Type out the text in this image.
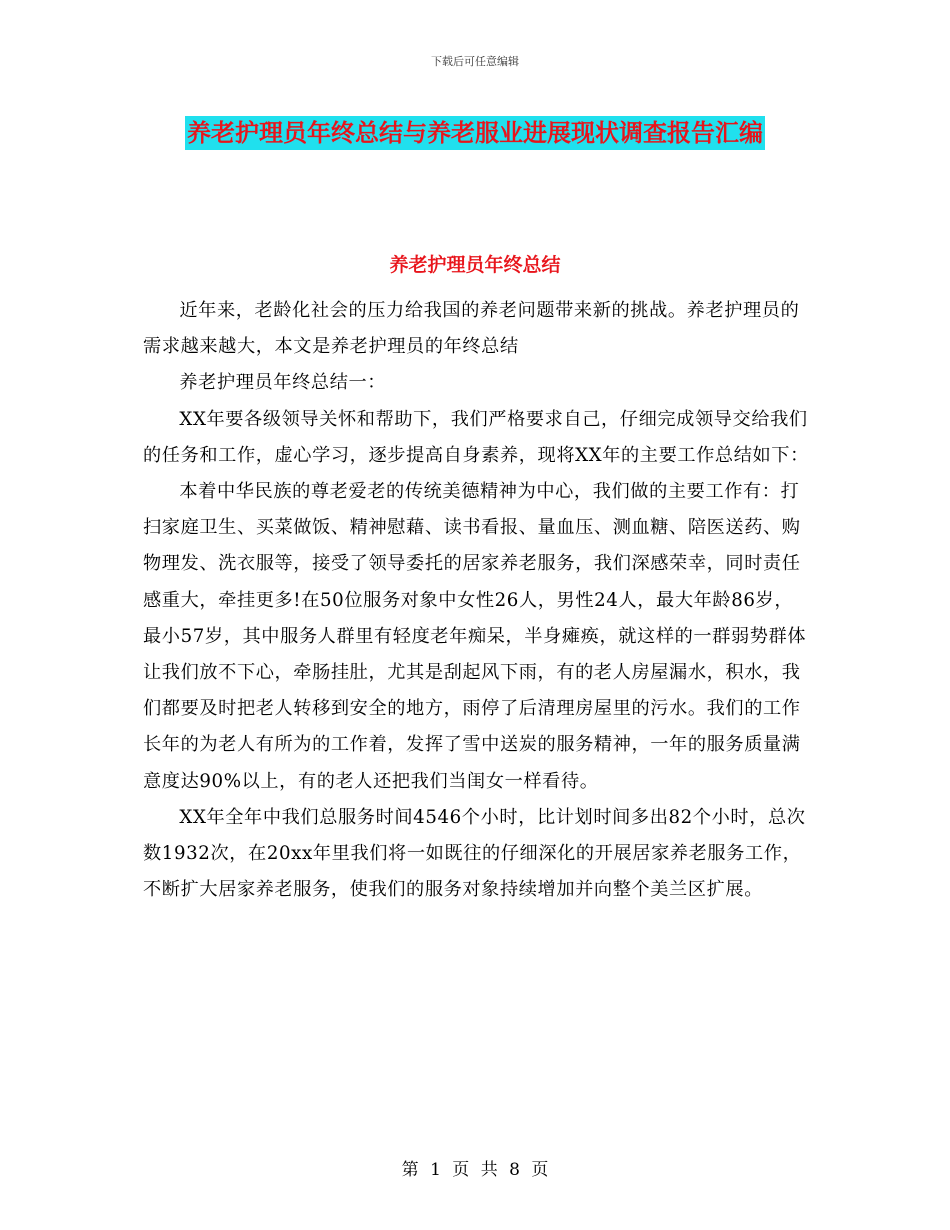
下载后可任意编辑
养老护理员年终总结与养老服业进展现状调查报告汇编
养老护理员年终总结

近年来，老龄化社会的压力给我国的养老问题带来新的挑战。养老护理员的需求越来越大，本文是养老护理员的年终总结

养老护理员年终总结一：

XX年要各级领导关怀和帮助下，我们严格要求自己，仔细完成领导交给我们的任务和工作，虚心学习，逐步提高自身素养，现将XX年的主要工作总结如下：

本着中华民族的尊老爱老的传统美德精神为中心，我们做的主要工作有：打扫家庭卫生、买菜做饭、精神慰藉、读书看报、量血压、测血糖、陪医送药、购物理发、洗衣服等，接受了领导委托的居家养老服务，我们深感荣幸，同时责任感重大，牵挂更多!在50位服务对象中女性26人，男性24人，最大年龄86岁，最小57岁，其中服务人群里有轻度老年痴呆，半身瘫痪，就这样的一群弱势群体让我们放不下心，牵肠挂肚，尤其是刮起风下雨，有的老人房屋漏水，积水，我们都要及时把老人转移到安全的地方，雨停了后清理房屋里的污水。我们的工作长年的为老人有所为的工作着，发挥了雪中送炭的服务精神，一年的服务质量满意度达90%以上，有的老人还把我们当闺女一样看待。

XX年全年中我们总服务时间4546个小时，比计划时间多出82个小时，总次数1932次，在20xx年里我们将一如既往的仔细深化的开展居家养老服务工作，不断扩大居家养老服务，使我们的服务对象持续增加并向整个美兰区扩展。

第 1 页 共 8 页
